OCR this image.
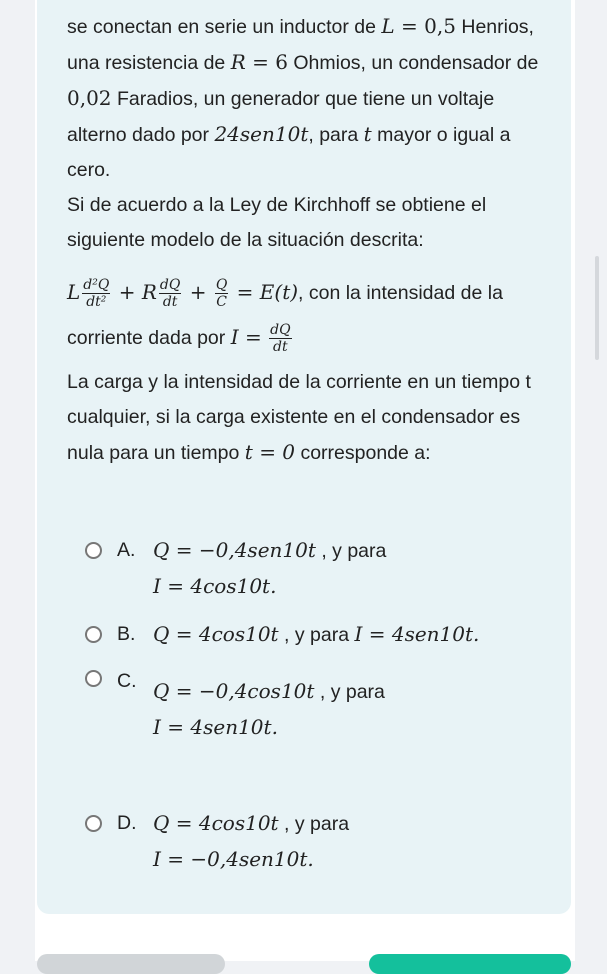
se conectan en serie un inductor de L = 0,5 Henrios, una resistencia de R = 6 Ohmios, un condensador de 0,02 Faradios, un generador que tiene un voltaje alterno dado por 24sen10t, para t mayor o igual a cero.
Si de acuerdo a la Ley de Kirchhoff se obtiene el siguiente modelo de la situación descrita:
L $\frac{\text{d²Q}}{\text{dt²}} + R \frac{dQ}{dt} + \frac{Q}{C} = E(t)$, con la intensidad de la corriente dada por $I = \frac{dQ}{dt}$
La carga y la intensidad de la corriente en un tiempo t cualquier, si la carga existente en el condensador es nula para un tiempo t = 0 corresponde a:
A. Q = −0,4sen10t , y para
I = 4cos10t.
B. Q = 4cos10t , y para I = 4sen10t.
C. Q = −0,4cos10t , y para
I = 4sen10t.
D. Q = 4cos10t , y para
I = −0,4sen10t.
